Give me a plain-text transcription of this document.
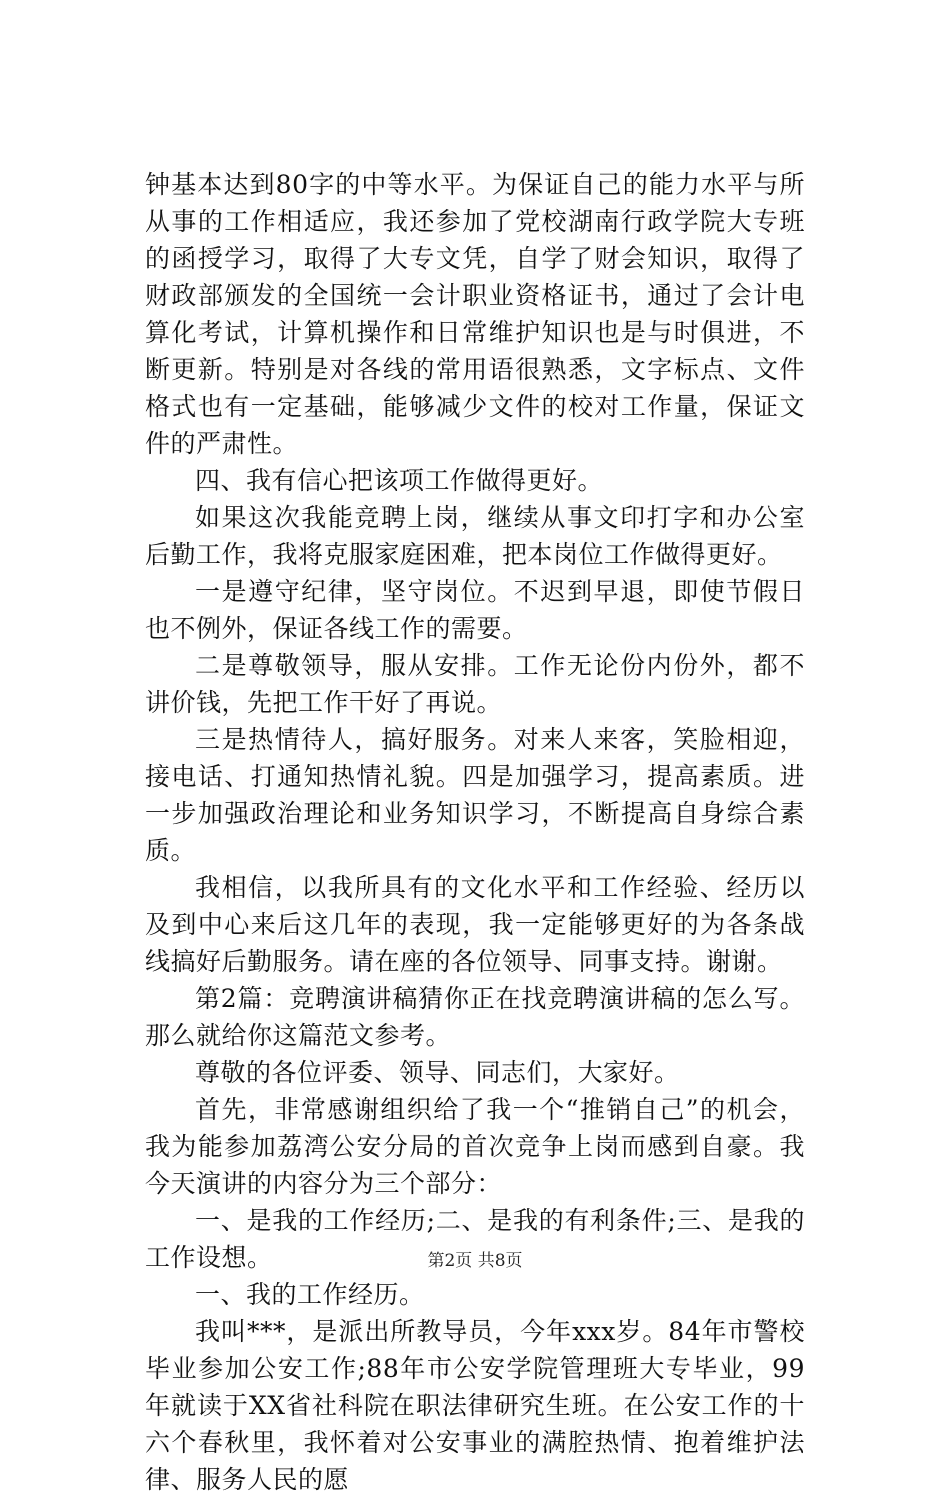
钟基本达到80字的中等水平。为保证自己的能力水平与所从事的工作相适应，我还参加了党校湖南行政学院大专班的函授学习，取得了大专文凭，自学了财会知识，取得了财政部颁发的全国统一会计职业资格证书，通过了会计电算化考试，计算机操作和日常维护知识也是与时俱进，不断更新。特别是对各线的常用语很熟悉，文字标点、文件格式也有一定基础，能够减少文件的校对工作量，保证文件的严肃性。

四、我有信心把该项工作做得更好。

如果这次我能竞聘上岗，继续从事文印打字和办公室后勤工作，我将克服家庭困难，把本岗位工作做得更好。

一是遵守纪律，坚守岗位。不迟到早退，即使节假日也不例外，保证各线工作的需要。

二是尊敬领导，服从安排。工作无论份内份外，都不讲价钱，先把工作干好了再说。

三是热情待人，搞好服务。对来人来客，笑脸相迎，接电话、打通知热情礼貌。四是加强学习，提高素质。进一步加强政治理论和业务知识学习，不断提高自身综合素质。

我相信，以我所具有的文化水平和工作经验、经历以及到中心来后这几年的表现，我一定能够更好的为各条战线搞好后勤服务。请在座的各位领导、同事支持。谢谢。

第2篇：竞聘演讲稿猜你正在找竞聘演讲稿的怎么写。那么就给你这篇范文参考。

尊敬的各位评委、领导、同志们，大家好。

首先，非常感谢组织给了我一个“推销自己”的机会，我为能参加荔湾公安分局的首次竞争上岗而感到自豪。我今天演讲的内容分为三个部分：

一、是我的工作经历;二、是我的有利条件;三、是我的工作设想。

一、我的工作经历。

我叫***，是派出所教导员，今年xxx岁。84年市警校毕业参加公安工作;88年市公安学院管理班大专毕业，99年就读于XX省社科院在职法律研究生班。在公安工作的十六个春秋里，我怀着对公安事业的满腔热情、抱着维护法律、服务人民的愿

第2页 共8页
